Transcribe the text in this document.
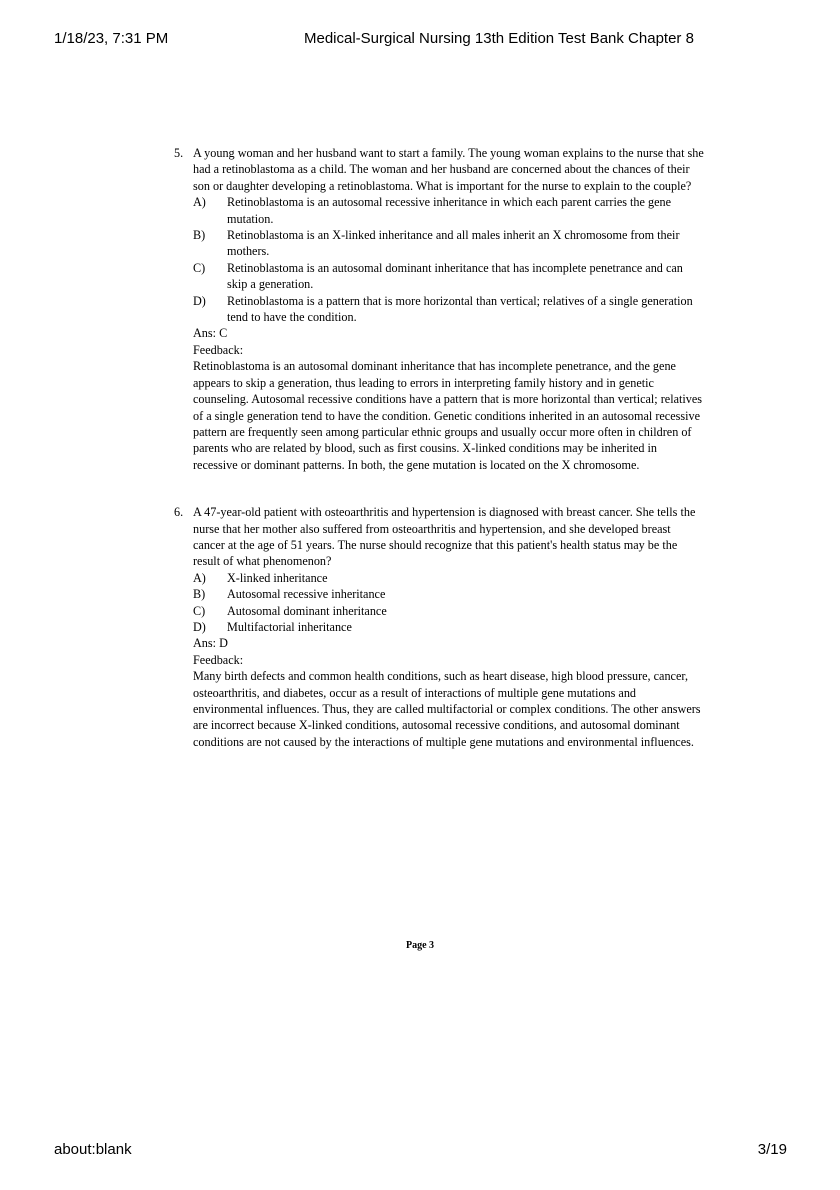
1/18/23, 7:31 PM	Medical-Surgical Nursing 13th Edition Test Bank Chapter 8
5. A young woman and her husband want to start a family. The young woman explains to the nurse that she had a retinoblastoma as a child. The woman and her husband are concerned about the chances of their son or daughter developing a retinoblastoma. What is important for the nurse to explain to the couple?
A) Retinoblastoma is an autosomal recessive inheritance in which each parent carries the gene mutation.
B) Retinoblastoma is an X-linked inheritance and all males inherit an X chromosome from their mothers.
C) Retinoblastoma is an autosomal dominant inheritance that has incomplete penetrance and can skip a generation.
D) Retinoblastoma is a pattern that is more horizontal than vertical; relatives of a single generation tend to have the condition.
Ans: C
Feedback:
Retinoblastoma is an autosomal dominant inheritance that has incomplete penetrance, and the gene appears to skip a generation, thus leading to errors in interpreting family history and in genetic counseling. Autosomal recessive conditions have a pattern that is more horizontal than vertical; relatives of a single generation tend to have the condition. Genetic conditions inherited in an autosomal recessive pattern are frequently seen among particular ethnic groups and usually occur more often in children of parents who are related by blood, such as first cousins. X-linked conditions may be inherited in recessive or dominant patterns. In both, the gene mutation is located on the X chromosome.
6. A 47-year-old patient with osteoarthritis and hypertension is diagnosed with breast cancer. She tells the nurse that her mother also suffered from osteoarthritis and hypertension, and she developed breast cancer at the age of 51 years. The nurse should recognize that this patient's health status may be the result of what phenomenon?
A) X-linked inheritance
B) Autosomal recessive inheritance
C) Autosomal dominant inheritance
D) Multifactorial inheritance
Ans: D
Feedback:
Many birth defects and common health conditions, such as heart disease, high blood pressure, cancer, osteoarthritis, and diabetes, occur as a result of interactions of multiple gene mutations and environmental influences. Thus, they are called multifactorial or complex conditions. The other answers are incorrect because X-linked conditions, autosomal recessive conditions, and autosomal dominant conditions are not caused by the interactions of multiple gene mutations and environmental influences.
Page 3
about:blank	3/19
